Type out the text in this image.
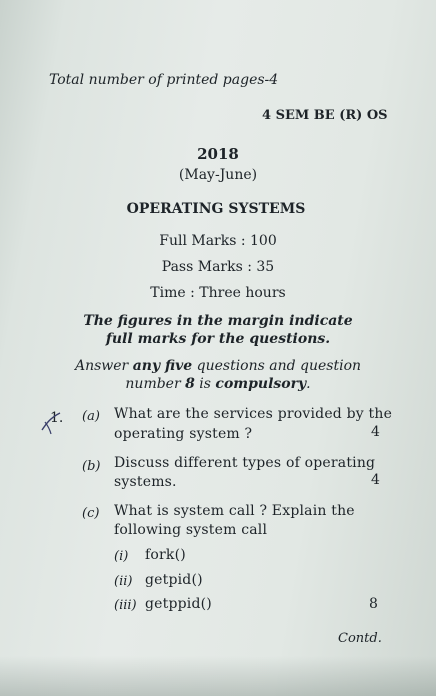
Total number of printed pages-4
4 SEM BE (R) OS
2018
(May-June)
OPERATING SYSTEMS
Full Marks : 100
Pass Marks : 35
Time : Three hours
The figures in the margin indicate
full marks for the questions.
Answer any five questions and question
number 8 is compulsory.
1. (a) What are the services provided by the
operating system ?	4
(b) Discuss different types of operating
systems.	4
(c) What is system call ? Explain the
following system call
(i) fork()
(ii) getpid()
(iii) getppid()	8
Contd.
